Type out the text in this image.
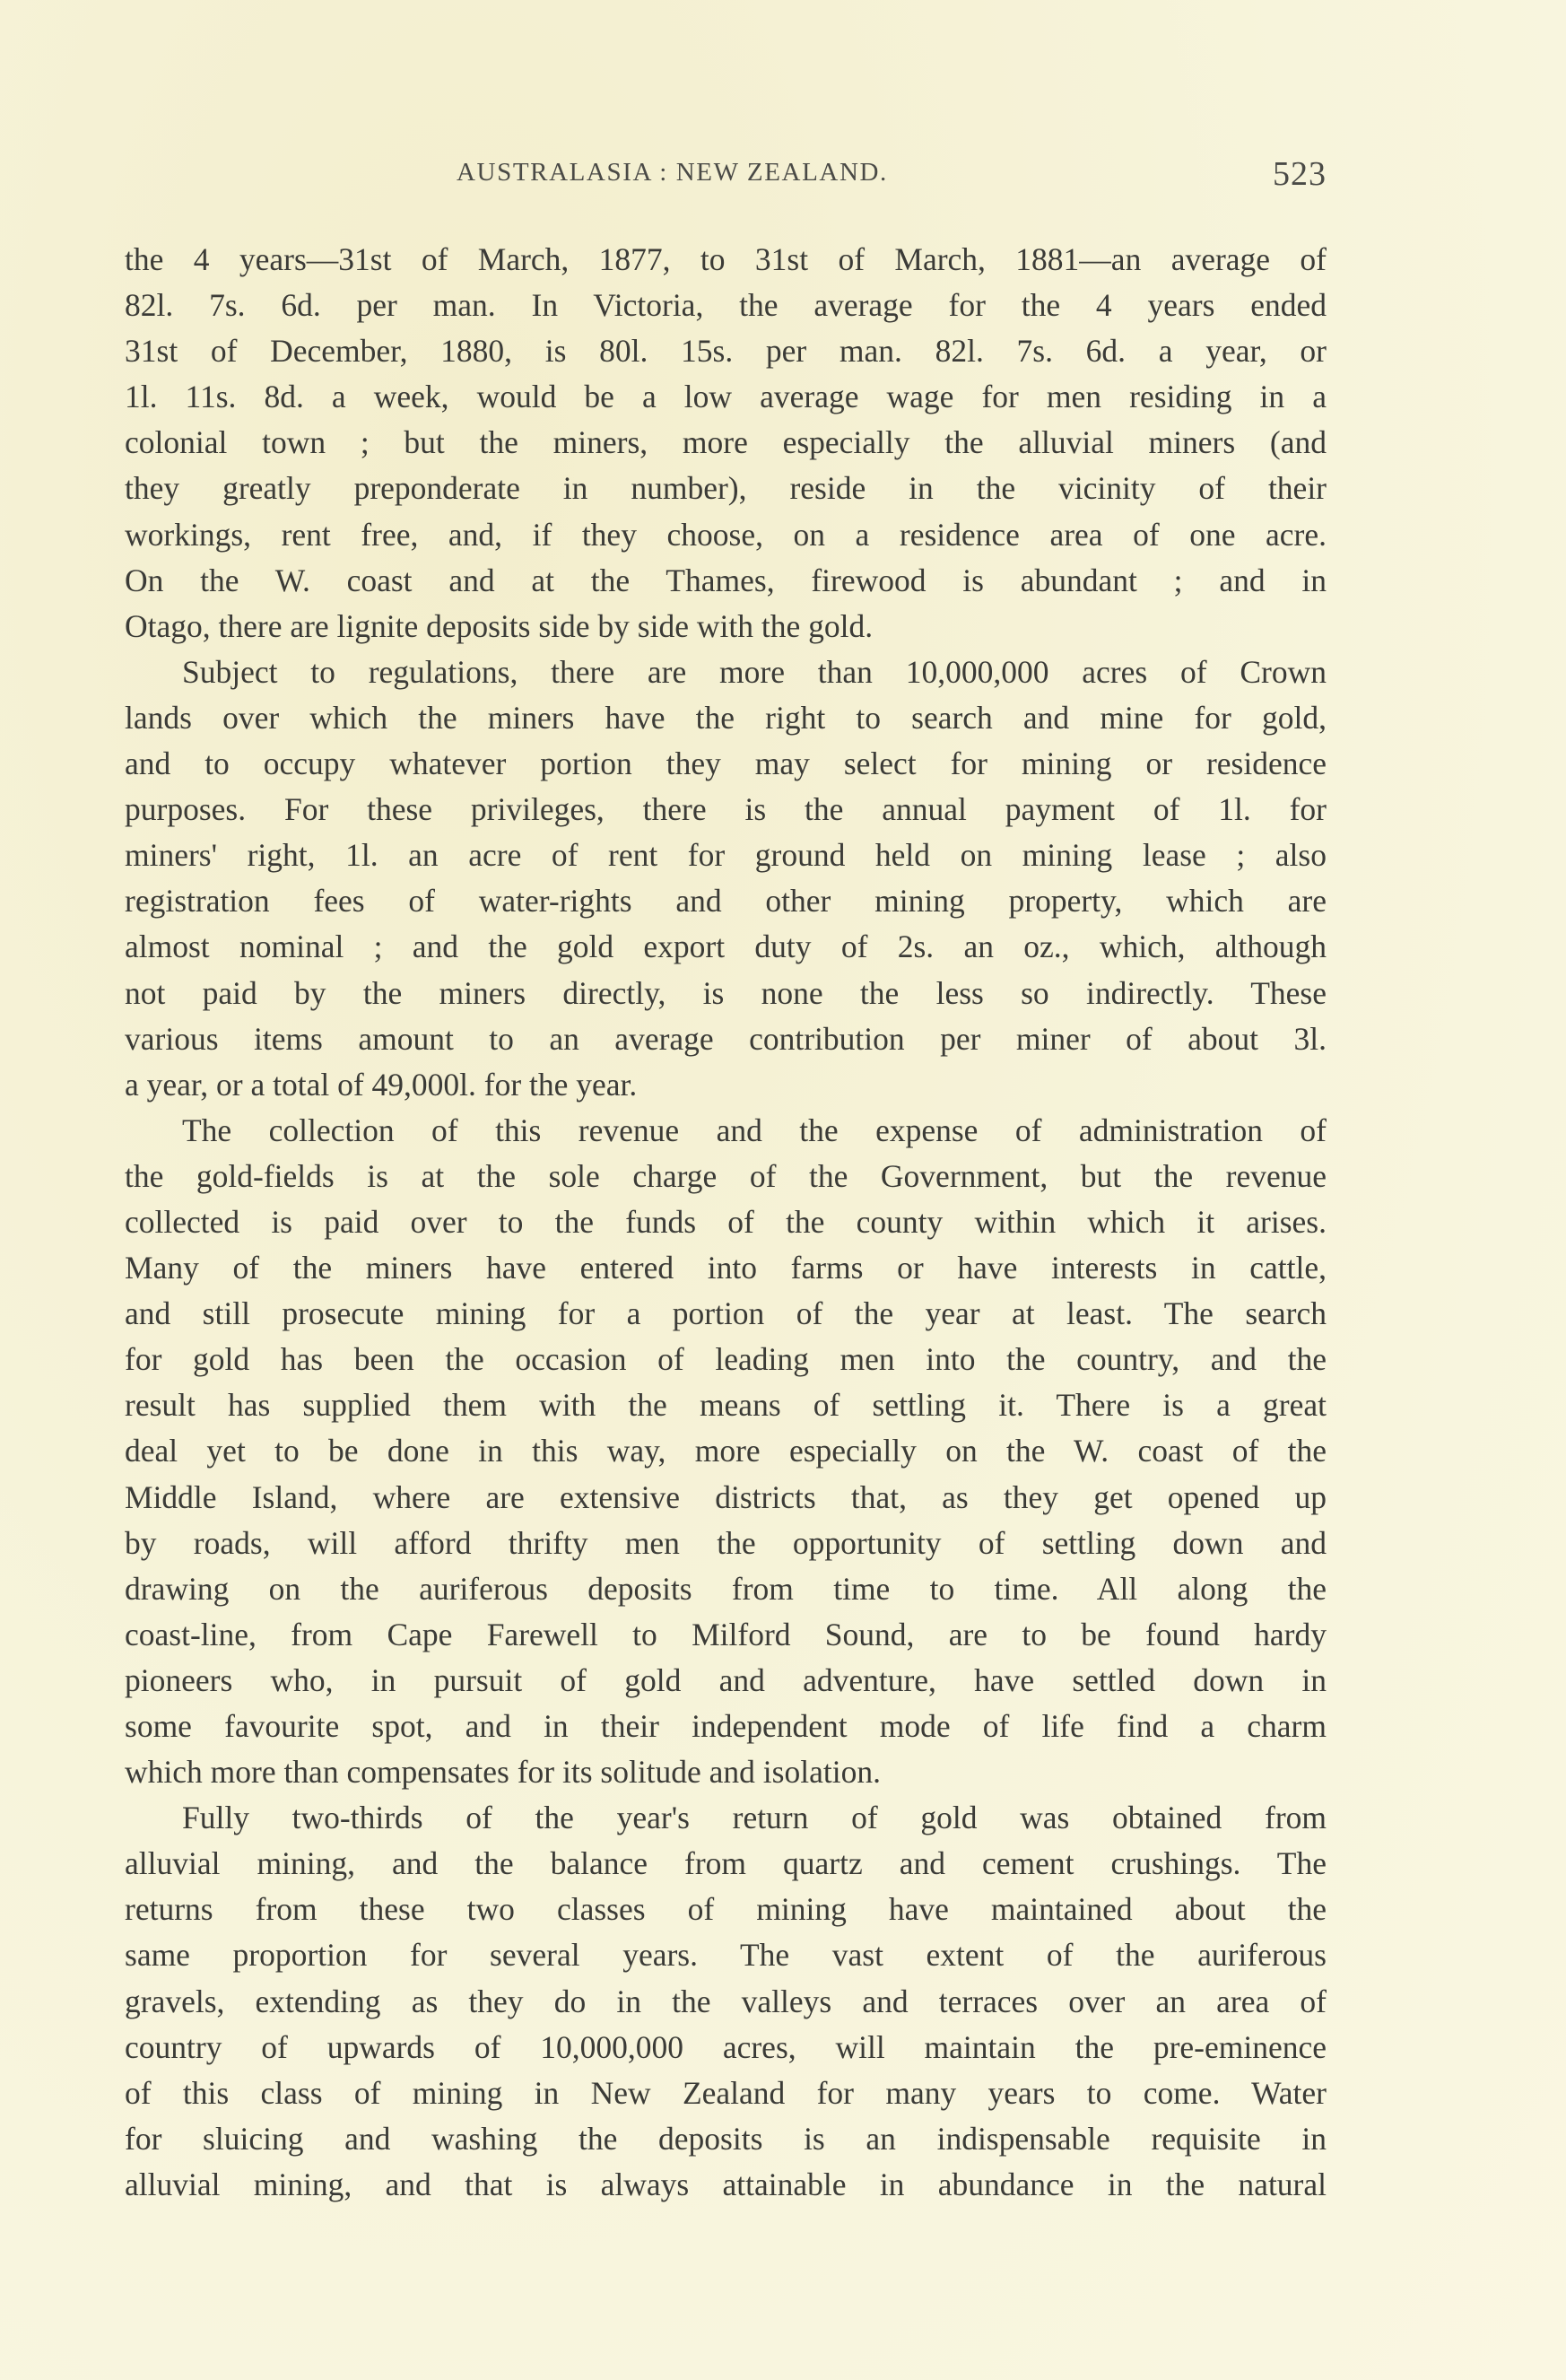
AUSTRALASIA : NEW ZEALAND.	523
the 4 years—31st of March, 1877, to 31st of March, 1881—an average of
82l. 7s. 6d. per man. In Victoria, the average for the 4 years ended
31st of December, 1880, is 80l. 15s. per man. 82l. 7s. 6d. a year, or
1l. 11s. 8d. a week, would be a low average wage for men residing in a
colonial town ; but the miners, more especially the alluvial miners (and
they greatly preponderate in number), reside in the vicinity of their
workings, rent free, and, if they choose, on a residence area of one acre.
On the W. coast and at the Thames, firewood is abundant ; and in
Otago, there are lignite deposits side by side with the gold.
Subject to regulations, there are more than 10,000,000 acres of Crown
lands over which the miners have the right to search and mine for gold,
and to occupy whatever portion they may select for mining or residence
purposes. For these privileges, there is the annual payment of 1l. for
miners' right, 1l. an acre of rent for ground held on mining lease ; also
registration fees of water-rights and other mining property, which are
almost nominal ; and the gold export duty of 2s. an oz., which, although
not paid by the miners directly, is none the less so indirectly. These
various items amount to an average contribution per miner of about 3l.
a year, or a total of 49,000l. for the year.
The collection of this revenue and the expense of administration of
the gold-fields is at the sole charge of the Government, but the revenue
collected is paid over to the funds of the county within which it arises.
Many of the miners have entered into farms or have interests in cattle,
and still prosecute mining for a portion of the year at least. The search
for gold has been the occasion of leading men into the country, and the
result has supplied them with the means of settling it. There is a great
deal yet to be done in this way, more especially on the W. coast of the
Middle Island, where are extensive districts that, as they get opened up
by roads, will afford thrifty men the opportunity of settling down and
drawing on the auriferous deposits from time to time. All along the
coast-line, from Cape Farewell to Milford Sound, are to be found hardy
pioneers who, in pursuit of gold and adventure, have settled down in
some favourite spot, and in their independent mode of life find a charm
which more than compensates for its solitude and isolation.
Fully two-thirds of the year's return of gold was obtained from
alluvial mining, and the balance from quartz and cement crushings. The
returns from these two classes of mining have maintained about the
same proportion for several years. The vast extent of the auriferous
gravels, extending as they do in the valleys and terraces over an area of
country of upwards of 10,000,000 acres, will maintain the pre-eminence
of this class of mining in New Zealand for many years to come. Water
for sluicing and washing the deposits is an indispensable requisite in
alluvial mining, and that is always attainable in abundance in the natural
